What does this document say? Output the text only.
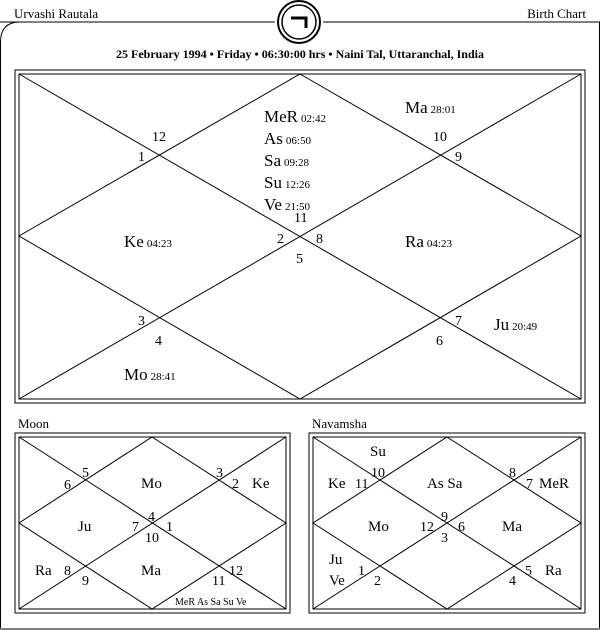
12
1
10
9
11
2 8
5
3
4
7
6
MeR 02:42
As 06:50
Sa 09:28
Su 12:26
Ve 21:50
Ma 28:01
Ke 04:23	Ra 04:23
Mo 28:41
Ju 20:49
5
6
3
2
4
7 1
10
8
9	11
12
Ke
Mo
Ju
Ra	Ma
MeR As Sa Su Ve
10
11
8
7
9
12 6
3
1
2	4
5
Su
Ke	As Sa	MeR
Mo	Ma
Ju
Ve
Ra
Urvashi Rautala	Birth Chart
25 February 1994 • Friday • 06:30:00 hrs • Naini Tal, Uttaranchal, India
Moon	Navamsha
